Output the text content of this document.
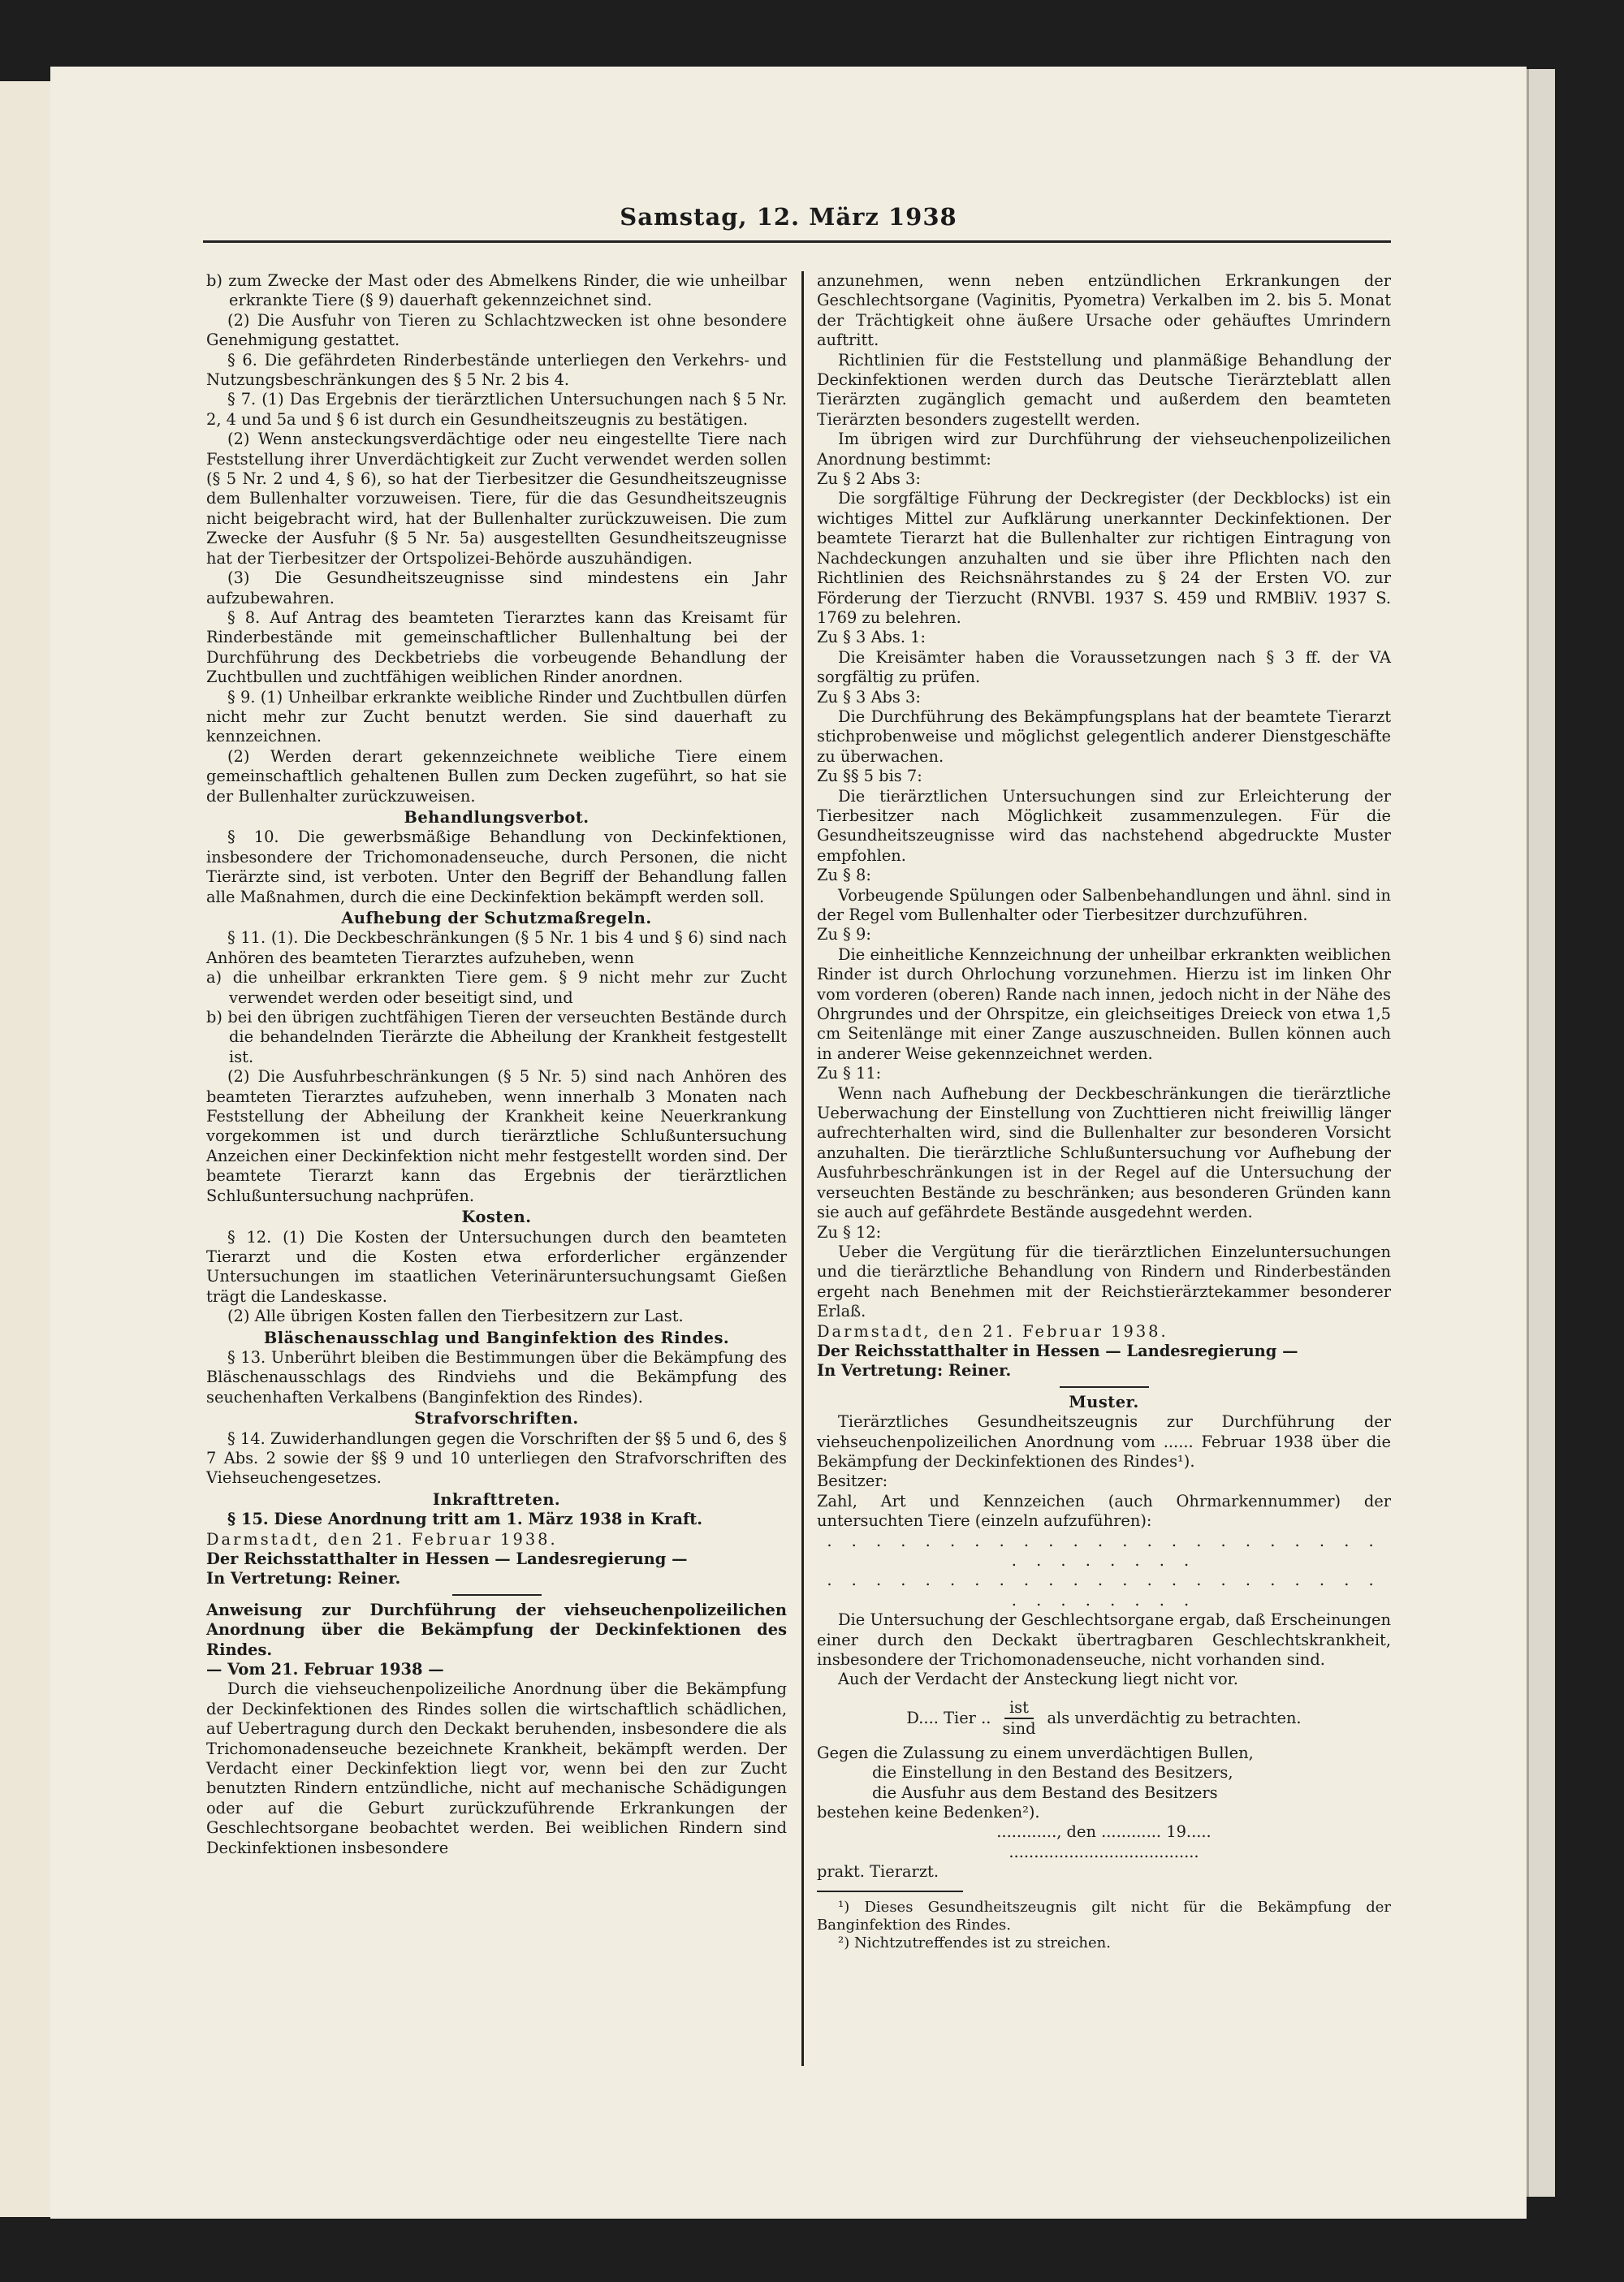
Samstag, 12. März 1938

b) zum Zwecke der Mast oder des Abmelkens Rinder, die wie unheilbar erkrankte Tiere (§ 9) dauerhaft gekennzeichnet sind.

(2) Die Ausfuhr von Tieren zu Schlachtzwecken ist ohne besondere Genehmigung gestattet.

§ 6. Die gefährdeten Rinderbestände unterliegen den Verkehrs- und Nutzungsbeschränkungen des § 5 Nr. 2 bis 4.

§ 7. (1) Das Ergebnis der tierärztlichen Untersuchungen nach § 5 Nr. 2, 4 und 5a und § 6 ist durch ein Gesundheitszeugnis zu bestätigen.

(2) Wenn ansteckungsverdächtige oder neu eingestellte Tiere nach Feststellung ihrer Unverdächtigkeit zur Zucht verwendet werden sollen (§ 5 Nr. 2 und 4, § 6), so hat der Tierbesitzer die Gesundheitszeugnisse dem Bullenhalter vorzuweisen. Tiere, für die das Gesundheitszeugnis nicht beigebracht wird, hat der Bullenhalter zurückzuweisen. Die zum Zwecke der Ausfuhr (§ 5 Nr. 5a) ausgestellten Gesundheitszeugnisse hat der Tierbesitzer der Ortspolizei-Behörde auszuhändigen.

(3) Die Gesundheitszeugnisse sind mindestens ein Jahr aufzubewahren.

§ 8. Auf Antrag des beamteten Tierarztes kann das Kreisamt für Rinderbestände mit gemeinschaftlicher Bullenhaltung bei der Durchführung des Deckbetriebs die vorbeugende Behandlung der Zuchtbullen und zuchtfähigen weiblichen Rinder anordnen.

§ 9. (1) Unheilbar erkrankte weibliche Rinder und Zuchtbullen dürfen nicht mehr zur Zucht benutzt werden. Sie sind dauerhaft zu kennzeichnen.

(2) Werden derart gekennzeichnete weibliche Tiere einem gemeinschaftlich gehaltenen Bullen zum Decken zugeführt, so hat sie der Bullenhalter zurückzuweisen.

Behandlungsverbot.

§ 10. Die gewerbsmäßige Behandlung von Deckinfektionen, insbesondere der Trichomonadenseuche, durch Personen, die nicht Tierärzte sind, ist verboten. Unter den Begriff der Behandlung fallen alle Maßnahmen, durch die eine Deckinfektion bekämpft werden soll.

Aufhebung der Schutzmaßregeln.

§ 11. (1). Die Deckbeschränkungen (§ 5 Nr. 1 bis 4 und § 6) sind nach Anhören des beamteten Tierarztes aufzuheben, wenn

a) die unheilbar erkrankten Tiere gem. § 9 nicht mehr zur Zucht verwendet werden oder beseitigt sind, und

b) bei den übrigen zuchtfähigen Tieren der verseuchten Bestände durch die behandelnden Tierärzte die Abheilung der Krankheit festgestellt ist.

(2) Die Ausfuhrbeschränkungen (§ 5 Nr. 5) sind nach Anhören des beamteten Tierarztes aufzuheben, wenn innerhalb 3 Monaten nach Feststellung der Abheilung der Krankheit keine Neuerkrankung vorgekommen ist und durch tierärztliche Schlußuntersuchung Anzeichen einer Deckinfektion nicht mehr festgestellt worden sind. Der beamtete Tierarzt kann das Ergebnis der tierärztlichen Schlußuntersuchung nachprüfen.

Kosten.

§ 12. (1) Die Kosten der Untersuchungen durch den beamteten Tierarzt und die Kosten etwa erforderlicher ergänzender Untersuchungen im staatlichen Veterinäruntersuchungsamt Gießen trägt die Landeskasse.

(2) Alle übrigen Kosten fallen den Tierbesitzern zur Last.

Bläschenausschlag und Banginfektion des Rindes.

§ 13. Unberührt bleiben die Bestimmungen über die Bekämpfung des Bläschenausschlags des Rindviehs und die Bekämpfung des seuchenhaften Verkalbens (Banginfektion des Rindes).

Strafvorschriften.

§ 14. Zuwiderhandlungen gegen die Vorschriften der §§ 5 und 6, des § 7 Abs. 2 sowie der §§ 9 und 10 unterliegen den Strafvorschriften des Viehseuchengesetzes.

Inkrafttreten.

§ 15. Diese Anordnung tritt am 1. März 1938 in Kraft.

Darmstadt, den 21. Februar 1938.

Der Reichsstatthalter in Hessen — Landesregierung —

In Vertretung: Reiner.

Anweisung zur Durchführung der viehseuchenpolizeilichen Anordnung über die Bekämpfung der Deckinfektionen des Rindes.

— Vom 21. Februar 1938 —

Durch die viehseuchenpolizeiliche Anordnung über die Bekämpfung der Deckinfektionen des Rindes sollen die wirtschaftlich schädlichen, auf Uebertragung durch den Deckakt beruhenden, insbesondere die als Trichomonadenseuche bezeichnete Krankheit, bekämpft werden. Der Verdacht einer Deckinfektion liegt vor, wenn bei den zur Zucht benutzten Rindern entzündliche, nicht auf mechanische Schädigungen oder auf die Geburt zurückzuführende Erkrankungen der Geschlechtsorgane beobachtet werden. Bei weiblichen Rindern sind Deckinfektionen insbesondere

anzunehmen, wenn neben entzündlichen Erkrankungen der Geschlechtsorgane (Vaginitis, Pyometra) Verkalben im 2. bis 5. Monat der Trächtigkeit ohne äußere Ursache oder gehäuftes Umrindern auftritt.

Richtlinien für die Feststellung und planmäßige Behandlung der Deckinfektionen werden durch das Deutsche Tierärzteblatt allen Tierärzten zugänglich gemacht und außerdem den beamteten Tierärzten besonders zugestellt werden.

Im übrigen wird zur Durchführung der viehseuchenpolizeilichen Anordnung bestimmt:

Zu § 2 Abs 3:

Die sorgfältige Führung der Deckregister (der Deckblocks) ist ein wichtiges Mittel zur Aufklärung unerkannter Deckinfektionen. Der beamtete Tierarzt hat die Bullenhalter zur richtigen Eintragung von Nachdeckungen anzuhalten und sie über ihre Pflichten nach den Richtlinien des Reichsnährstandes zu § 24 der Ersten VO. zur Förderung der Tierzucht (RNVBl. 1937 S. 459 und RMBliV. 1937 S. 1769 zu belehren.

Zu § 3 Abs. 1:

Die Kreisämter haben die Voraussetzungen nach § 3 ff. der VA sorgfältig zu prüfen.

Zu § 3 Abs 3:

Die Durchführung des Bekämpfungsplans hat der beamtete Tierarzt stichprobenweise und möglichst gelegentlich anderer Dienstgeschäfte zu überwachen.

Zu §§ 5 bis 7:

Die tierärztlichen Untersuchungen sind zur Erleichterung der Tierbesitzer nach Möglichkeit zusammenzulegen. Für die Gesundheitszeugnisse wird das nachstehend abgedruckte Muster empfohlen.

Zu § 8:

Vorbeugende Spülungen oder Salbenbehandlungen und ähnl. sind in der Regel vom Bullenhalter oder Tierbesitzer durchzuführen.

Zu § 9:

Die einheitliche Kennzeichnung der unheilbar erkrankten weiblichen Rinder ist durch Ohrlochung vorzunehmen. Hierzu ist im linken Ohr vom vorderen (oberen) Rande nach innen, jedoch nicht in der Nähe des Ohrgrundes und der Ohrspitze, ein gleichseitiges Dreieck von etwa 1,5 cm Seitenlänge mit einer Zange auszuschneiden. Bullen können auch in anderer Weise gekennzeichnet werden.

Zu § 11:

Wenn nach Aufhebung der Deckbeschränkungen die tierärztliche Ueberwachung der Einstellung von Zuchttieren nicht freiwillig länger aufrechterhalten wird, sind die Bullenhalter zur besonderen Vorsicht anzuhalten. Die tierärztliche Schlußuntersuchung vor Aufhebung der Ausfuhrbeschränkungen ist in der Regel auf die Untersuchung der verseuchten Bestände zu beschränken; aus besonderen Gründen kann sie auch auf gefährdete Bestände ausgedehnt werden.

Zu § 12:

Ueber die Vergütung für die tierärztlichen Einzeluntersuchungen und die tierärztliche Behandlung von Rindern und Rinderbeständen ergeht nach Benehmen mit der Reichstierärztekammer besonderer Erlaß.

Darmstadt, den 21. Februar 1938.

Der Reichsstatthalter in Hessen — Landesregierung —

In Vertretung: Reiner.

Muster.

Tierärztliches Gesundheitszeugnis zur Durchführung der viehseuchenpolizeilichen Anordnung vom ...... Februar 1938 über die Bekämpfung der Deckinfektionen des Rindes¹).

Besitzer:

Zahl, Art und Kennzeichen (auch Ohrmarkennummer) der untersuchten Tiere (einzeln aufzuführen):

. . . . . . . . . . . . . . . . . . . . . . . . . . . . . . .

. . . . . . . . . . . . . . . . . . . . . . . . . . . . . . .

Die Untersuchung der Geschlechtsorgane ergab, daß Erscheinungen einer durch den Deckakt übertragbaren Geschlechtskrankheit, insbesondere der Trichomonadenseuche, nicht vorhanden sind.

Auch der Verdacht der Ansteckung liegt nicht vor.

D.... Tier .. $\frac{\text{ist}}{\sin d}$ als unverdächtig zu betrachten.

Gegen die Zulassung zu einem unverdächtigen Bullen,

die Einstellung in den Bestand des Besitzers,

die Ausfuhr aus dem Bestand des Besitzers

bestehen keine Bedenken²).

............, den ............ 19.....

......................................

prakt. Tierarzt.

¹) Dieses Gesundheitszeugnis gilt nicht für die Bekämpfung der Banginfektion des Rindes.

²) Nichtzutreffendes ist zu streichen.
